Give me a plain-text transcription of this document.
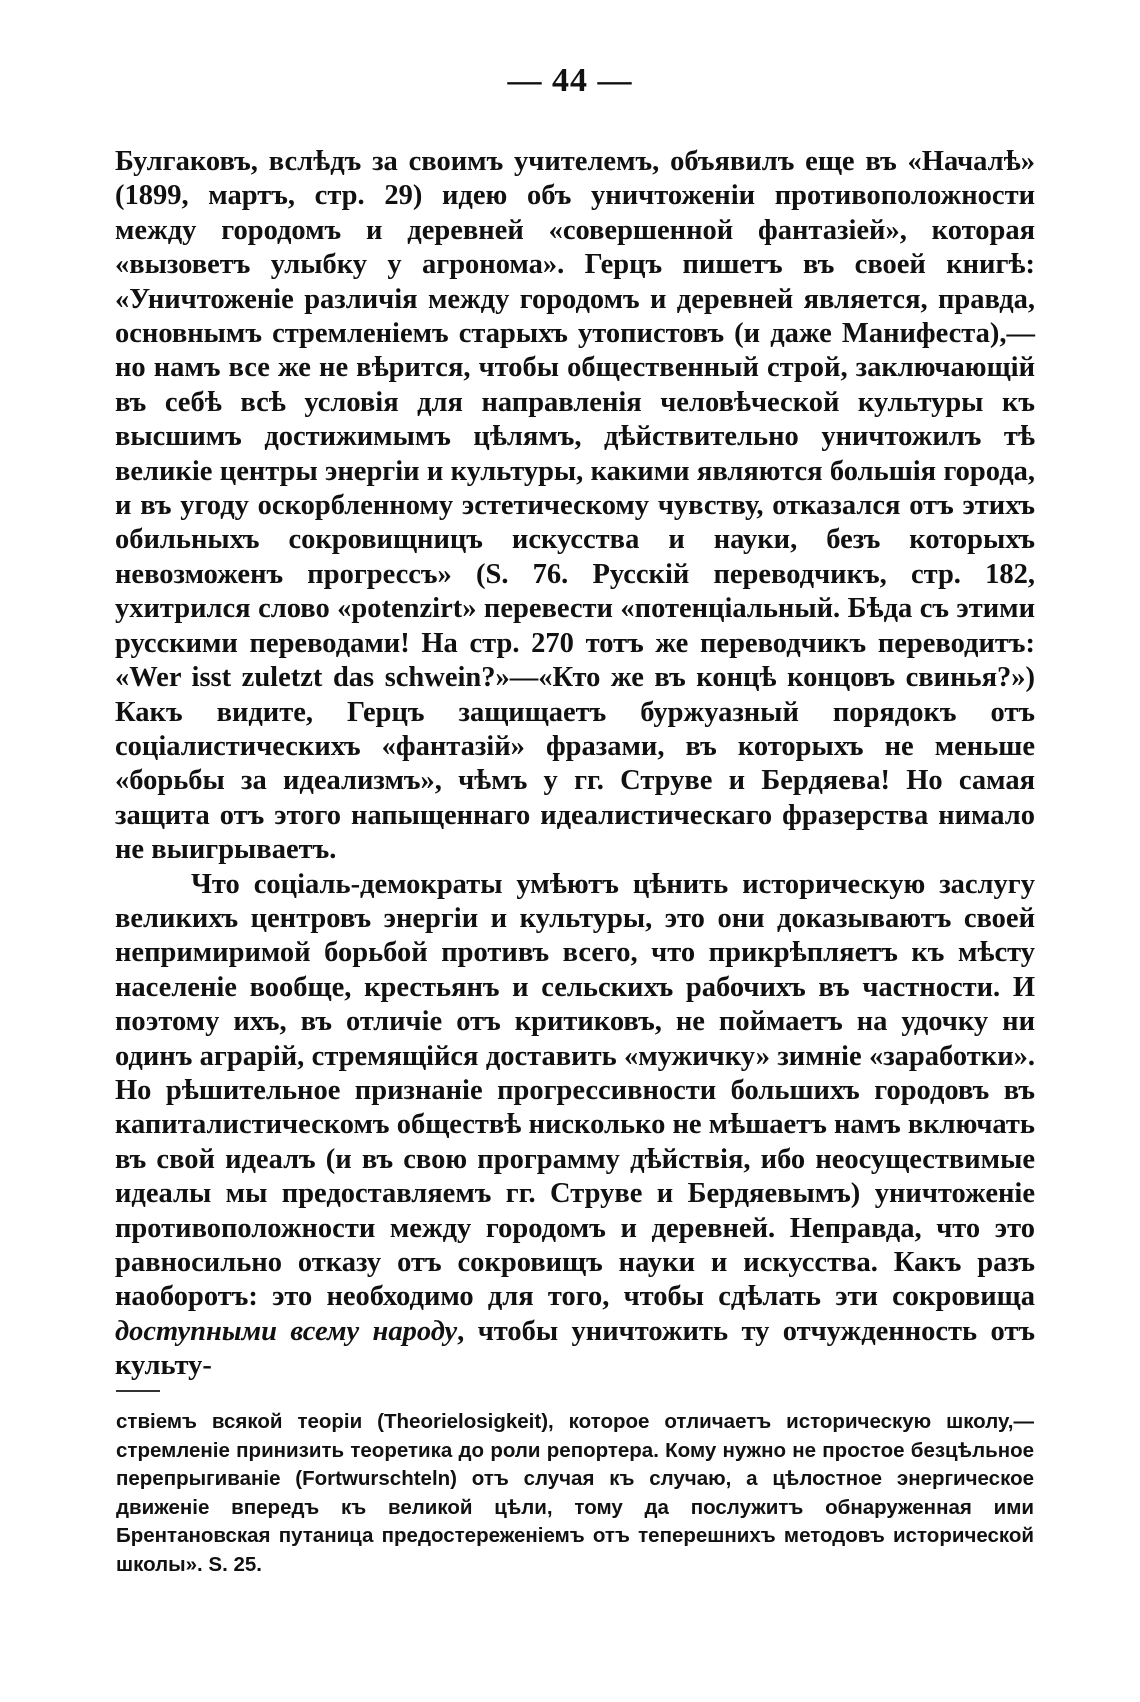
— 44 —

Булгаковъ, вслѣдъ за своимъ учителемъ, объявилъ еще въ «Началѣ» (1899, мартъ, стр. 29) идею объ уничтоженіи противоположности между городомъ и деревней «совершенной фантазіей», которая «вызоветъ улыбку у агронома». Герцъ пишетъ въ своей книгѣ: «Уничтоженіе различія между городомъ и деревней является, правда, основнымъ стремленіемъ старыхъ утопистовъ (и даже Манифеста),—но намъ все же не вѣрится, чтобы общественный строй, заключающій въ себѣ всѣ условія для направленія человѣческой культуры къ высшимъ достижимымъ цѣлямъ, дѣйствительно уничтожилъ тѣ великіе центры энергіи и культуры, какими являются большія города, и въ угоду оскорбленному эстетическому чувству, отказался отъ этихъ обильныхъ сокровищницъ искусства и науки, безъ которыхъ невозможенъ прогрессъ» (S. 76. Русскій переводчикъ, стр. 182, ухитрился слово «potenzirt» перевести «потенціальный. Бѣда съ этими русскими переводами! На стр. 270 тотъ же переводчикъ переводитъ: «Wer isst zuletzt das schwein?»—«Кто же въ концѣ концовъ свинья?») Какъ видите, Герцъ защищаетъ буржуазный порядокъ отъ соціалистическихъ «фантазій» фразами, въ которыхъ не меньше «борьбы за идеализмъ», чѣмъ у гг. Струве и Бердяева! Но самая защита отъ этого напыщеннаго идеалистическаго фразерства нимало не выигрываетъ.

Что соціаль-демократы умѣютъ цѣнить историческую заслугу великихъ центровъ энергіи и культуры, это они доказываютъ своей непримиримой борьбой противъ всего, что прикрѣпляетъ къ мѣсту населеніе вообще, крестьянъ и сельскихъ рабочихъ въ частности. И поэтому ихъ, въ отличіе отъ критиковъ, не поймаетъ на удочку ни одинъ аграрій, стремящійся доставить «мужичку» зимніе «заработки». Но рѣшительное признаніе прогрессивности большихъ городовъ въ капиталистическомъ обществѣ нисколько не мѣшаетъ намъ включать въ свой идеалъ (и въ свою программу дѣйствія, ибо неосуществимые идеалы мы предоставляемъ гг. Струве и Бердяевымъ) уничтоженіе противоположности между городомъ и деревней. Неправда, что это равносильно отказу отъ сокровищъ науки и искусства. Какъ разъ наоборотъ: это необходимо для того, чтобы сдѣлать эти сокровища доступными всему народу, чтобы уничтожить ту отчужденность отъ культу-

ствіемъ всякой теоріи (Theorielosigkeit), которое отличаетъ историческую школу,—стремленіе принизить теоретика до роли репортера. Кому нужно не простое безцѣльное перепрыгиваніе (Fortwurschteln) отъ случая къ случаю, а цѣлостное энергическое движеніе впередъ къ великой цѣли, тому да послужитъ обнаруженная ими Брентановская путаница предостереженіемъ отъ теперешнихъ методовъ исторической школы». S. 25.
